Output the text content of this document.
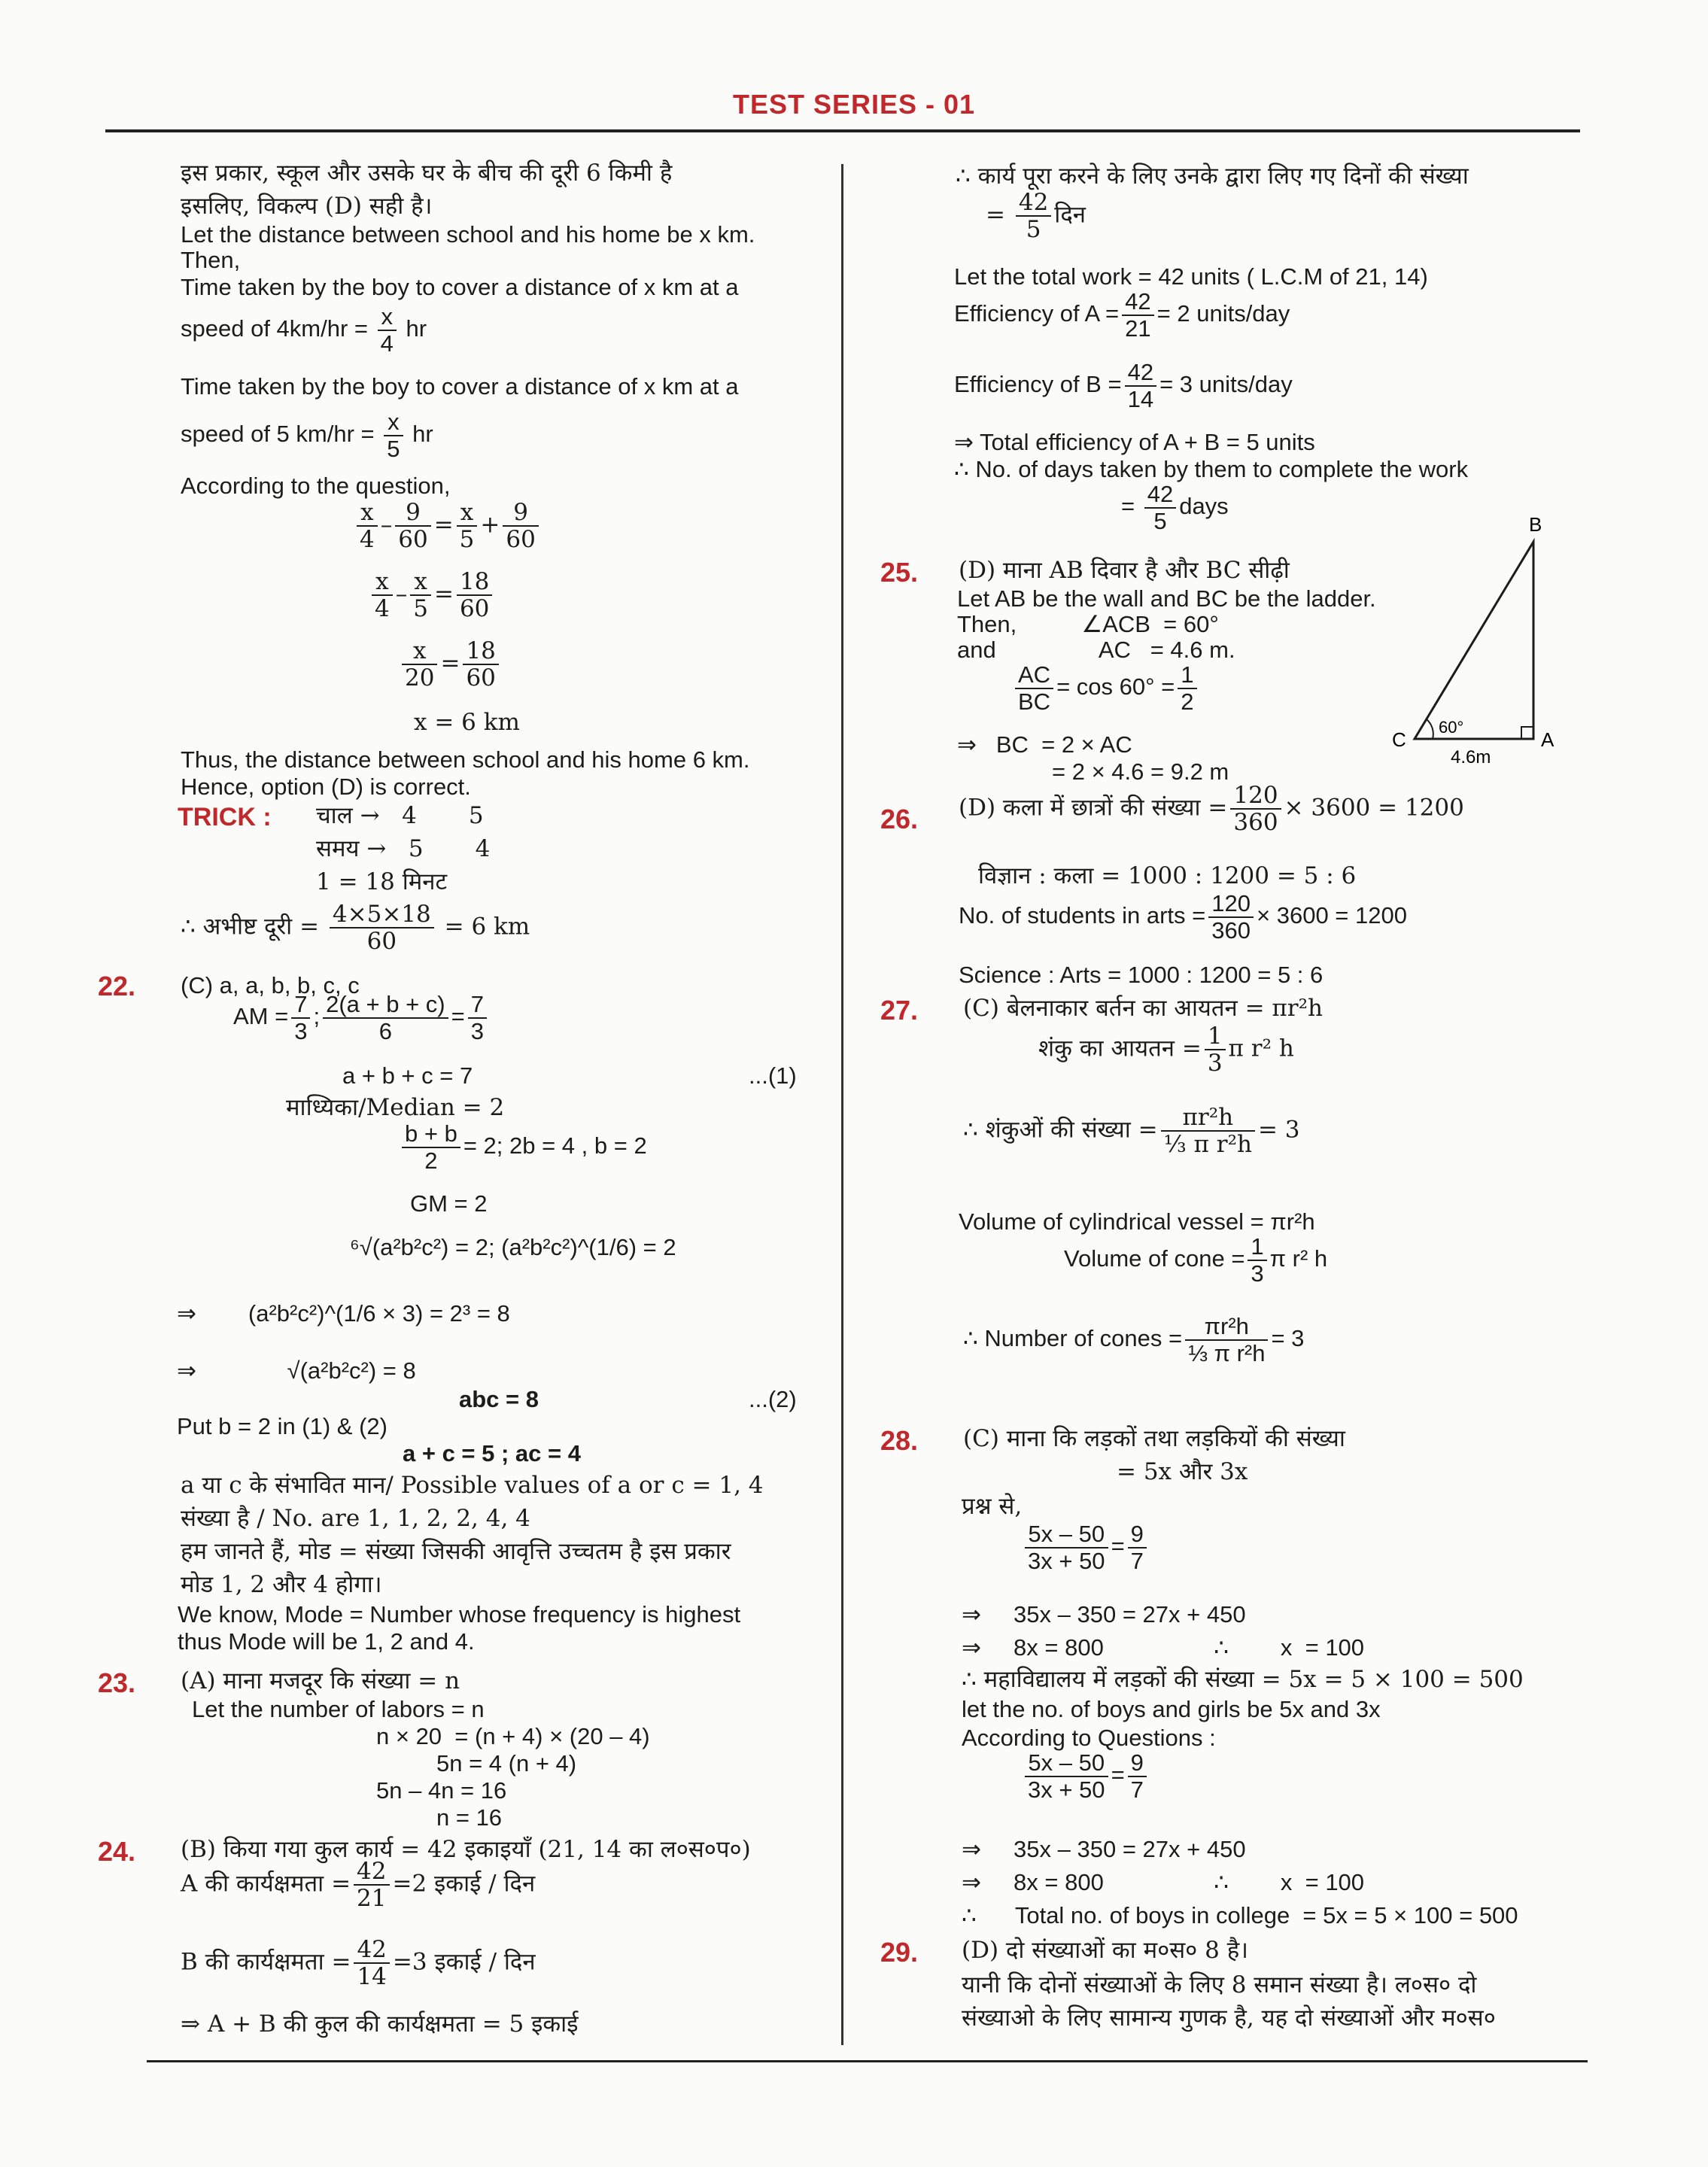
TEST SERIES - 01
इस प्रकार, स्कूल और उसके घर के बीच की दूरी 6 किमी है
इसलिए, विकल्प (D) सही है।
Let the distance between school and his home be x km.
Then,
Time taken by the boy to cover a distance of x km at a
speed of $4km/hr = \frac{x}{4}$ hr
Time taken by the boy to cover a distance of x km at a
speed of 5 $km/hr = \frac{x}{5}$ hr
According to the question,
$\frac{x}{4} - \frac{9}{60} = \frac{x}{5} + \frac{9}{60}$
$\frac{x}{4} - \frac{x}{5} = \frac{18}{60}$
$\frac{x}{20} = \frac{18}{60}$
x = 6 km
Thus, the distance between school and his home 6 km.
Hence, option (D) is correct.
TRICK : चाल →   4       5
समय →   5       4
1 = 18 मिनट
∴ अभीष्ट दूरी = $\frac{4\times 5\times 18}{60} = 6$ km
22. (C) a, a, b, b, c, c
AM = $\frac{7}{3}$ ; $\frac{2(a + b + c)}{6} = \frac{7}{3}$
a + b + c = 7	...(1)
माध्यिका/Median = 2
$\frac{b + b}{2} = 2$; 2b = 4 , b = 2
GM = 2
⁶√(a²b²c²) = 2; (a²b²c²)^(1/6) = 2
⇒        (a²b²c²)^(1/6 × 3) = 2³ = 8
⇒              √(a²b²c²) = 8
abc = 8	...(2)
Put b = 2 in (1) & (2)
a + c = 5 ; ac = 4
a या c के संभावित मान/ Possible values of a or c = 1, 4
संख्या है / No. are 1, 1, 2, 2, 4, 4
हम जानते हैं, मोड = संख्या जिसकी आवृत्ति उच्चतम है इस प्रकार
मोड 1, 2 और 4 होगा।
We know, Mode = Number whose frequency is highest
thus Mode will be 1, 2 and 4.
23. (A) माना मजदूर कि संख्या = n
Let the number of labors = n
n × 20  = (n + 4) × (20 – 4)
5n = 4 (n + 4)
5n – 4n = 16
n = 16
24. (B) किया गया कुल कार्य = 42 इकाइयाँ (21, 14 का ल०स०प०)
A की कार्यक्षमता = $\frac{42}{21} =2$ इकाई / दिन
B की कार्यक्षमता = $\frac{42}{14} =3$ इकाई / दिन
⇒ A + B की कुल की कार्यक्षमता = 5 इकाई
∴ कार्य पूरा करने के लिए उनके द्वारा लिए गए दिनों की संख्या
= $\frac{42}{5}$ दिन
Let the total work = 42 units ( L.C.M of 21, 14)
Efficiency of $A = \frac{42}{21} = 2$ units/day
Efficiency of $B = \frac{42}{14} = 3$ units/day
⇒ Total efficiency of A + B = 5 units
∴ No. of days taken by them to complete the work
= $\frac{42}{5}$ days
25. (D) माना AB दिवार है और BC सीढ़ी
Let AB be the wall and BC be the ladder.
Then,          ∠ACB  = 60°
and                AC   = 4.6 m.
$\frac{AC}{BC} = \cos 60^\circ = \frac{1}{2}$
⇒   BC  = 2 × AC
= 2 × 4.6 = 9.2 m
B
C	A
60°
4.6m
26. (D) कला में छात्रों की संख्या = $\frac{120}{360} \times 3600 = 1200$
विज्ञान : कला = 1000 : 1200 = 5 : 6
No. of students in arts = $\frac{120}{360} \times 3600 = 1200$
Science : Arts = 1000 : 1200 = 5 : 6
27. (C) बेलनाकार बर्तन का आयतन = πr²h
शंकु का आयतन = $\frac{1}{3}$ π r² h
∴ शंकुओं की संख्या = $\frac{\text{πr²h}}{\text{⅓ π r²h}} = 3$
Volume of cylindrical vessel = πr²h
Volume of cone = $\frac{1}{3}$ π r² h
∴ Number of cones = $\frac{\text{πr²h}}{\text{⅓ π r²h}} = 3$
28. (C) माना कि लड़कों तथा लड़कियों की संख्या
= 5x और 3x
प्रश्न से,
$\frac{5x - 50}{3x + 50} = \frac{9}{7}$
⇒     35x – 350 = 27x + 450
⇒     8x = 800                 ∴        x  = 100
∴ महाविद्यालय में लड़कों की संख्या = 5x = 5 × 100 = 500
let the no. of boys and girls be 5x and 3x
According to Questions :
$\frac{5x - 50}{3x + 50} = \frac{9}{7}$
⇒     35x – 350 = 27x + 450
⇒     8x = 800                 ∴        x  = 100
∴      Total no. of boys in college  = 5x = 5 × 100 = 500
29. (D) दो संख्याओं का म०स० 8 है।
यानी कि दोनों संख्याओं के लिए 8 समान संख्या है। ल०स० दो
संख्याओ के लिए सामान्य गुणक है, यह दो संख्याओं और म०स०
